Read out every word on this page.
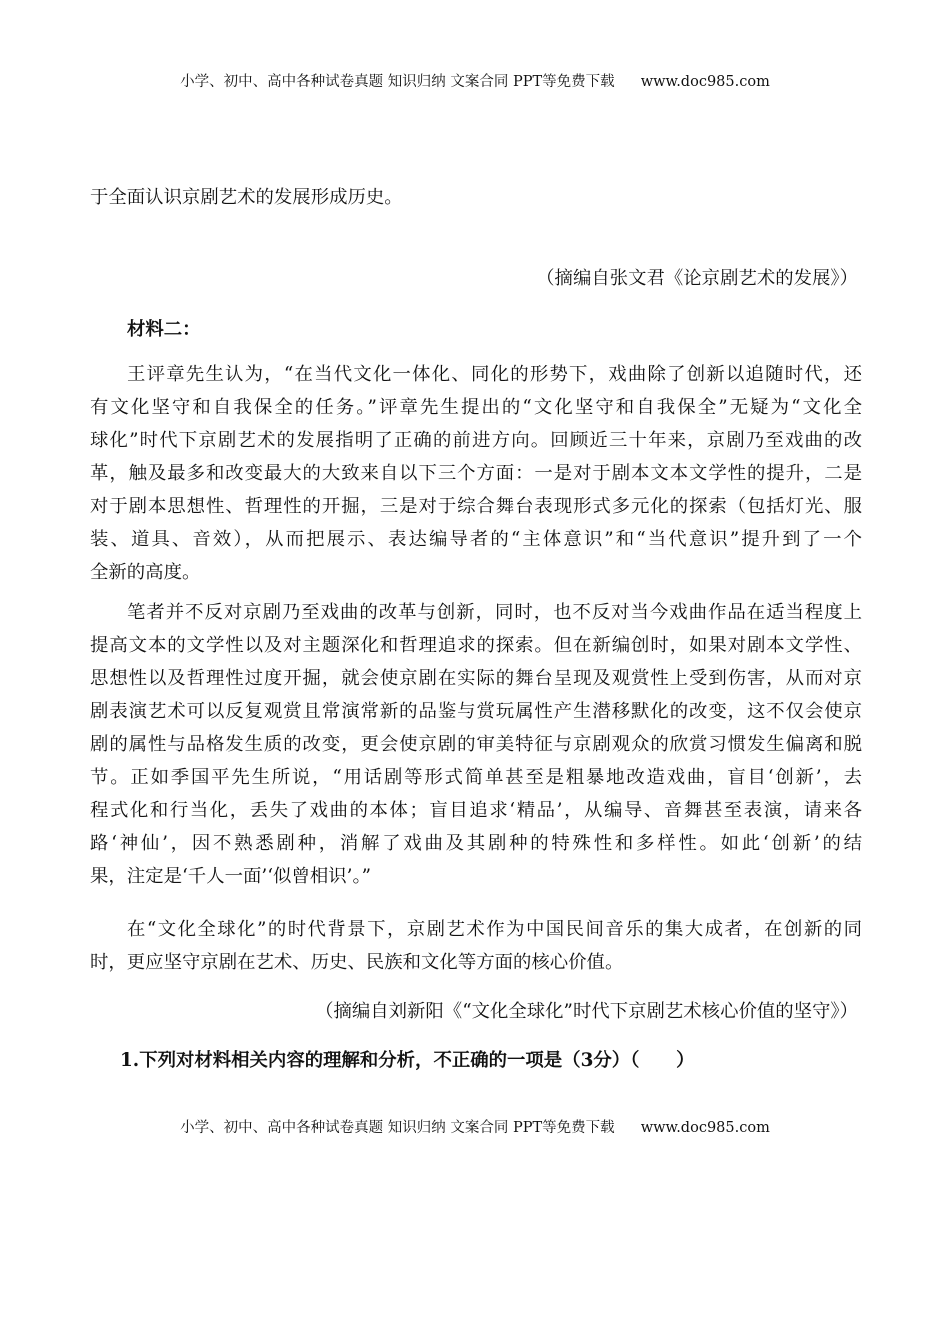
小学、初中、高中各种试卷真题 知识归纳 文案合同 PPT等免费下载 www.doc985.com
于全面认识京剧艺术的发展形成历史。
（摘编自张文君《论京剧艺术的发展》）
材料二：
王评章先生认为，“在当代文化一体化、同化的形势下，戏曲除了创新以追随时代，还
有文化坚守和自我保全的任务。”评章先生提出的“文化坚守和自我保全”无疑为“文化全
球化”时代下京剧艺术的发展指明了正确的前进方向。回顾近三十年来，京剧乃至戏曲的改
革，触及最多和改变最大的大致来自以下三个方面：一是对于剧本文本文学性的提升，二是
对于剧本思想性、哲理性的开掘，三是对于综合舞台表现形式多元化的探索（包括灯光、服
装、道具、音效），从而把展示、表达编导者的“主体意识”和“当代意识”提升到了一个
全新的高度。
笔者并不反对京剧乃至戏曲的改革与创新，同时，也不反对当今戏曲作品在适当程度上
提高文本的文学性以及对主题深化和哲理追求的探索。但在新编创时，如果对剧本文学性、
思想性以及哲理性过度开掘，就会使京剧在实际的舞台呈现及观赏性上受到伤害，从而对京
剧表演艺术可以反复观赏且常演常新的品鉴与赏玩属性产生潜移默化的改变，这不仅会使京
剧的属性与品格发生质的改变，更会使京剧的审美特征与京剧观众的欣赏习惯发生偏离和脱
节。正如季国平先生所说，“用话剧等形式简单甚至是粗暴地改造戏曲，盲目‘创新’，去
程式化和行当化，丢失了戏曲的本体；盲目追求‘精品’，从编导、音舞甚至表演，请来各
路‘神仙’，因不熟悉剧种，消解了戏曲及其剧种的特殊性和多样性。如此‘创新’的结
果，注定是‘千人一面’‘似曾相识’。”
在“文化全球化”的时代背景下，京剧艺术作为中国民间音乐的集大成者，在创新的同
时，更应坚守京剧在艺术、历史、民族和文化等方面的核心价值。
（摘编自刘新阳《“文化全球化”时代下京剧艺术核心价值的坚守》）
1.下列对材料相关内容的理解和分析，不正确的一项是（3分）（　　）
小学、初中、高中各种试卷真题 知识归纳 文案合同 PPT等免费下载 www.doc985.com
